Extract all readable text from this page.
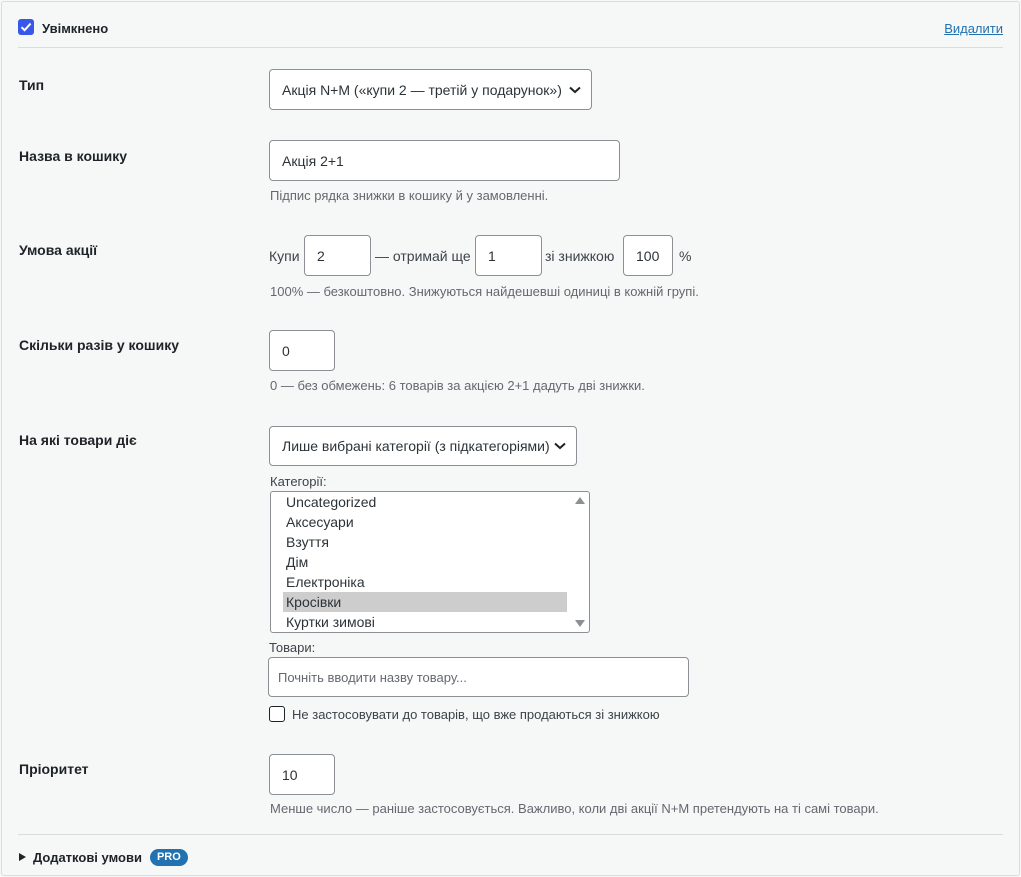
Увімкнено	Видалити
Тип	Акція N+M («купи 2 — третій у подарунок»)
Назва в кошику	Акція 2+1
Підпис рядка знижки в кошику й у замовленні.
Умова акції	Купи 2	— отримай ще 1	зі знижкою 100 %
100% — безкоштовно. Знижуються найдешевші одиниці в кожній групі.
Скільки разів у кошику	0
0 — без обмежень: 6 товарів за акцією 2+1 дадуть дві знижки.
На які товари діє	Лише вибрані категорії (з підкатегоріями)
Категорії:
Uncategorized
Аксесуари
Взуття
Дім
Електроніка
Кросівки
Куртки зимові
Товари:
Почніть вводити назву товару...
Не застосовувати до товарів, що вже продаються зі знижкою
Пріоритет	10
Менше число — раніше застосовується. Важливо, коли дві акції N+M претендують на ті самі товари.
Додаткові умови	PRO
